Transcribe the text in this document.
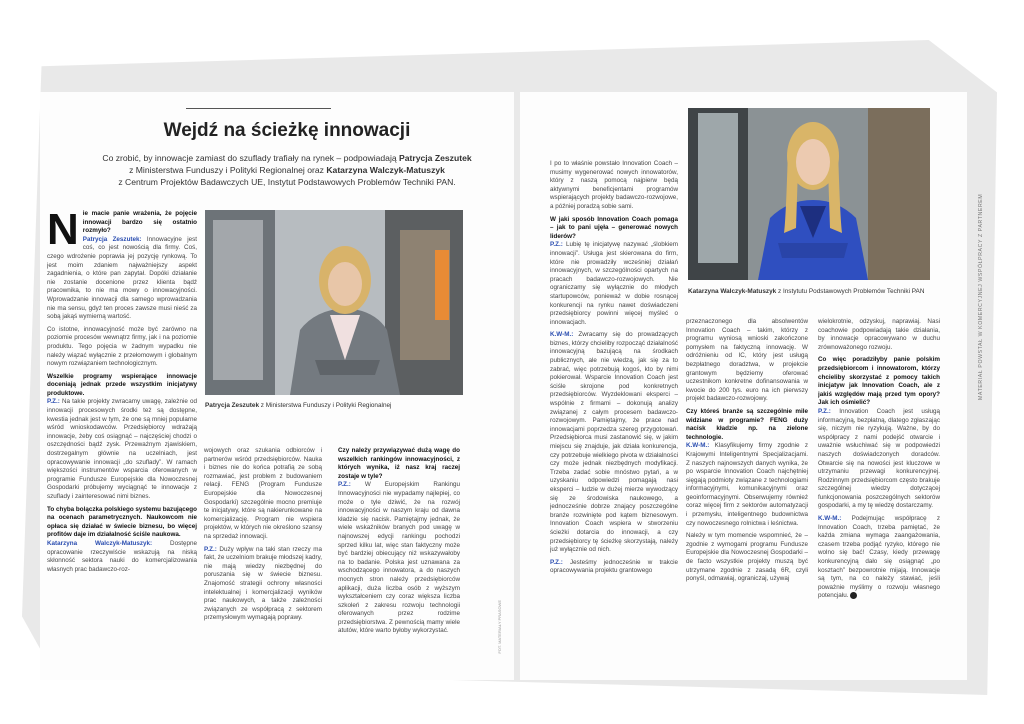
MATERIAŁ POWSTAŁ W KOMERCYJNEJ WSPÓŁPRACY Z PARTNEREM
FOT. MATERIAŁY PRASOWE
Wejdź na ścieżkę innowacji
Co zrobić, by innowacje zamiast do szuflady trafiały na rynek – podpowiadają Patrycja Zeszutek
z Ministerstwa Funduszy i Polityki Regionalnej oraz Katarzyna Walczyk-Matuszyk
z Centrum Projektów Badawczych UE, Instytut Podstawowych Problemów Techniki PAN.
Patrycja Zeszutek z Ministerstwa Funduszy i Polityki Regionalnej
Katarzyna Walczyk-Matuszyk z Instytutu Podstawowych Problemów Techniki PAN

Nie macie panie wrażenia, że pojęcie innowacji bardzo się ostatnio rozmyło?
Patrycja Zeszutek: Innowacyjne jest coś, co jest nowością dla firmy. Coś, czego wdrożenie poprawia jej pozycję rynkową. To jest moim zdaniem najważniejszy aspekt zagadnienia, o które pan zapytał. Dopóki działanie nie zostanie docenione przez klienta bądź pracownika, to nie ma mowy o innowacyjności. Wprowadzanie innowacji dla samego wprowadzania nie ma sensu, gdyż ten proces zawsze musi nieść za sobą jakąś wymierną wartość.

Co istotne, innowacyjność może być zarówno na poziomie procesów wewnątrz firmy, jak i na poziomie produktu. Tego pojęcia w żadnym wypadku nie należy wiązać wyłącznie z przełomowym i globalnym nowym rozwiązaniem technologicznym.

Wszelkie programy wspierające innowacje doceniają jednak przede wszystkim inicjatywy produktowe.
P.Z.: Na takie projekty zwracamy uwagę, zależnie od innowacji procesowych środki też są dostępne, kwestia jednak jest w tym, że one są mniej popularne wśród wnioskodawców. Przedsiębiorcy wdrażają innowacje, żeby coś osiągnąć – najczęściej chodzi o oszczędności bądź zysk. Przeważnym zjawiskiem, dostrzegalnym głównie na uczelniach, jest opracowywanie innowacji „do szuflady”. W ramach większości instrumentów wsparcia oferowanych w programie Fundusze Europejskie dla Nowoczesnej Gospodarki próbujemy wyciągnąć te innowacje z szuflady i zainteresować nimi biznes.

To chyba bolączka polskiego systemu bazującego na ocenach parametrycznych. Naukowcom nie opłaca się działać w świecie biznesu, bo więcej profitów daje im działalność ściśle naukowa.
Katarzyna Walczyk-Matuszyk: Dostępne opracowanie rzeczywiście wskazują na niską skłonność sektora nauki do komercjalizowania własnych prac badawczo-roz-

wojowych oraz szukania odbiorców i partnerów wśród przedsiębiorców. Nauka i biznes nie do końca potrafią ze sobą rozmawiać, jest problem z budowaniem relacji. FENG (Program Fundusze Europejskie dla Nowoczesnej Gospodarki) szczególnie mocno premiuje te inicjatywy, które są nakierunkowane na komercjalizację. Program nie wspiera projektów, w których nie określono szansy na sprzedaż innowacji.

P.Z.: Duży wpływ na taki stan rzeczy ma fakt, że uczelniom brakuje młodszej kadry, nie mają wiedzy niezbędnej do poruszania się w świecie biznesu. Znajomość strategii ochrony własności intelektualnej i komercjalizacji wyników prac naukowych, a także zależności związanych ze współpracą z sektorem przemysłowym wymagają poprawy.

Czy należy przywiązywać dużą wagę do wszelkich rankingów innowacyjności, z których wynika, iż nasz kraj raczej zostaje w tyle?
P.Z.: W Europejskim Rankingu Innowacyjności nie wypadamy najlepiej, co może o tyle dziwić, że na rozwój innowacyjności w naszym kraju od dawna kładzie się nacisk. Pamiętajmy jednak, że wiele wskaźników branych pod uwagę w najnowszej edycji rankingu pochodzi sprzed kilku lat, więc stan faktyczny może być bardziej obiecujący niż wskazywałoby na to badanie. Polska jest uznawana za wschodzącego innowatora, a do naszych mocnych stron należy przedsiębiorców aplikacji, duża liczba osób z wyższym wykształceniem czy coraz większa liczba szkoleń z zakresu rozwoju technologii oferowanych przez rodzime przedsiębiorstwa. Z pewnością mamy wiele atutów, które warto byłoby wykorzystać.

I po to właśnie powstało Innovation Coach – musimy wygenerować nowych innowatorów, który z naszą pomocą najpierw będą aktywnymi beneficjentami programów wspierających projekty badawczo-rozwojowe, a później poradzą sobie sami.

W jaki sposób Innovation Coach pomaga – jak to pani ujęła – generować nowych liderów?
P.Z.: Lubię tę inicjatywę nazywać „ślobkiem innowacji”. Usługa jest skierowana do firm, które nie prowadziły wcześniej działań innowacyjnych, w szczególności opartych na pracach badawczo-rozwojowych. Nie ograniczamy się wyłącznie do młodych startupowców, ponieważ w dobie rosnącej konkurencji na rynku nawet doświadczeni przedsiębiorcy powinni więcej myśleć o innowacjach.

K.W-M.: Zwracamy się do prowadzących biznes, którzy chcieliby rozpocząć działalność innowacyjną bazującą na środkach publicznych, ale nie wiedzą, jak się za to zabrać, więc potrzebują kogoś, kto by nimi pokierował. Wsparcie Innovation Coach jest ściśle skrojone pod konkretnych przedsiębiorców. Wyzdeklowani eksperci – wspólnie z firmami – dokonują analizy związanej z całym procesem badawczo-rozwojowym. Pamiętajmy, że prace nad innowacjami poprzedza szereg przygotowań. Przedsiębiorca musi zastanowić się, w jakim miejscu się znajduje, jak działa konkurencja, czy potrzebuje wielkiego pivota w działalności czy może jednak niezbędnych modyfikacji. Trzeba zadać sobie mnóstwo pytań, a w uzyskaniu odpowiedzi pomagają nasi eksperci – ludzie w dużej mierze wywodzący się ze środowiska naukowego, a jednocześnie dobrze znający poszczególne branże rozwinięte pod kątem biznesowym. Innovation Coach wspiera w stworzeniu ścieżki dotarcia do innowacji, a czy przedsiębiorcy tę ścieżkę skorzystają, należy już wyłącznie od nich.

P.Z.: Jesteśmy jednocześnie w trakcie opracowywania projektu grantowego

przeznaczonego dla absolwentów Innovation Coach – takim, którzy z programu wyniosą wnioski zakończone pomysłem na faktyczną innowację. W odróżnieniu od IC, który jest usługą bezpłatnego doradztwa, w projekcie grantowym będziemy oferować uczestnikom konkretne dofinansowania w kwocie do 200 tys. euro na ich pierwszy projekt badawczo-rozwojowy.

Czy któreś branże są szczególnie mile widziane w programie? FENG duży nacisk kładzie np. na zielone technologie.
K.W-M.: Klasyfikujemy firmy zgodnie z Krajowymi Inteligentnymi Specjalizacjami. Z naszych najnowszych danych wynika, że po wsparcie Innovation Coach najchętniej sięgają podmioty związane z technologiami informacyjnymi, komunikacyjnymi oraz geoinformacyjnymi. Obserwujemy również coraz więcej firm z sektorów automatyzacji i przemysłu, inteligentnego budownictwa czy nowoczesnego rolnictwa i leśnictwa.

Należy w tym momencie wspomnieć, że – zgodnie z wymogami programu Fundusze Europejskie dla Nowoczesnej Gospodarki – de facto wszystkie projekty muszą być utrzymane zgodnie z zasadą 6R, czyli ponyśl, odmawiaj, ograniczaj, używaj

wielokrotnie, odzyskuj, naprawiaj. Nasi coachowie podpowiadają takie działania, by innowacje opracowywano w duchu zrównoważonego rozwoju.

Co więc poradziłyby panie polskim przedsiębiorcom i innowatorom, którzy chcieliby skorzystać z pomocy takich inicjatyw jak Innovation Coach, ale z jakiś względów mają przed tym opory? Jak ich ośmielić?
P.Z.: Innovation Coach jest usługą informacyjną, bezpłatną, dlatego zgłaszając się, niczym nie ryzykują. Ważne, by do współpracy z nami podejść otwarcie i uważnie wsłuchiwać się w podpowiedzi naszych doświadczonych doradców. Otwarcie się na nowości jest kluczowe w utrzymaniu przewagi konkurencyjnej. Rodzinnym przedsiębiorcom często brakuje szczególnej wiedzy dotyczącej funkcjonowania poszczególnych sektorów gospodarki, a my tę wiedzę dostarczamy.

K.W-M.: Podejmując współpracę z Innovation Coach, trzeba pamiętać, że każda zmiana wymaga zaangażowania, czasem trzeba podjąć ryzyko, którego nie wolno się bać! Czasy, kiedy przewagę konkurencyjną dało się osiągnąć „po kosztach” bezpowrotnie mijają. Innowacje są tym, na co należy stawiać, jeśli poważnie myślimy o rozwoju własnego potencjału.
